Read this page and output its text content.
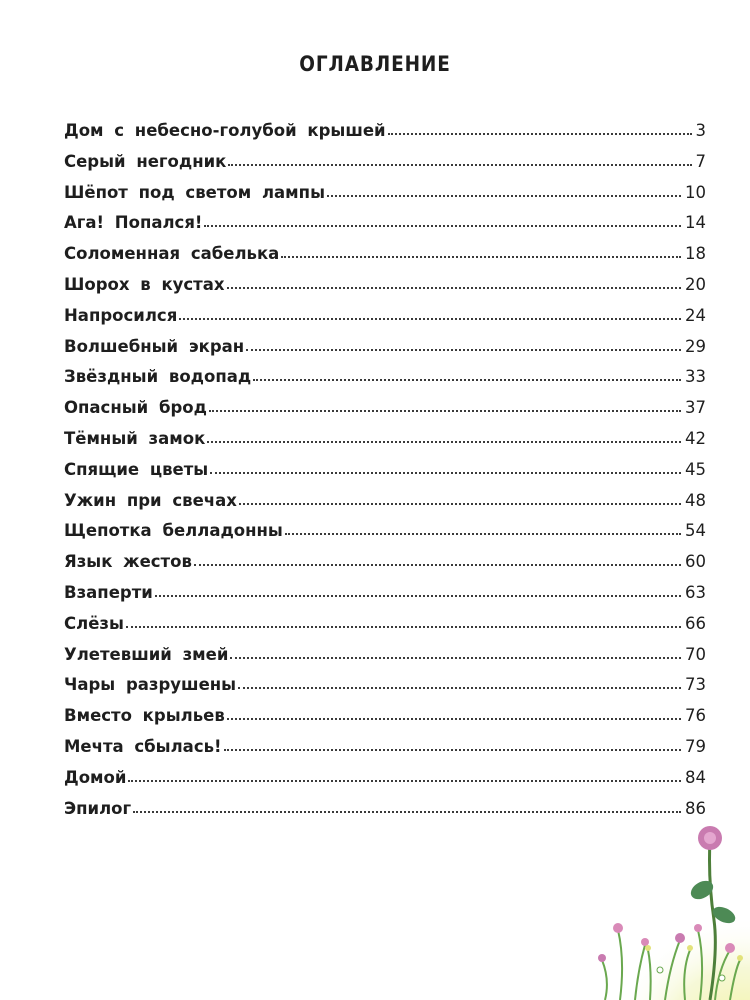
ОГЛАВЛЕНИЕ
Дом с небесно-голубой крышей	3
Серый негодник	7
Шёпот под светом лампы	10
Ага! Попался!	14
Соломенная сабелька	18
Шорох в кустах	20
Напросился	24
Волшебный экран	29
Звёздный водопад	33
Опасный брод	37
Тёмный замок	42
Спящие цветы	45
Ужин при свечах	48
Щепотка белладонны	54
Язык жестов	60
Взаперти	63
Слёзы	66
Улетевший змей	70
Чары разрушены	73
Вместо крыльев	76
Мечта сбылась!	79
Домой	84
Эпилог	86
